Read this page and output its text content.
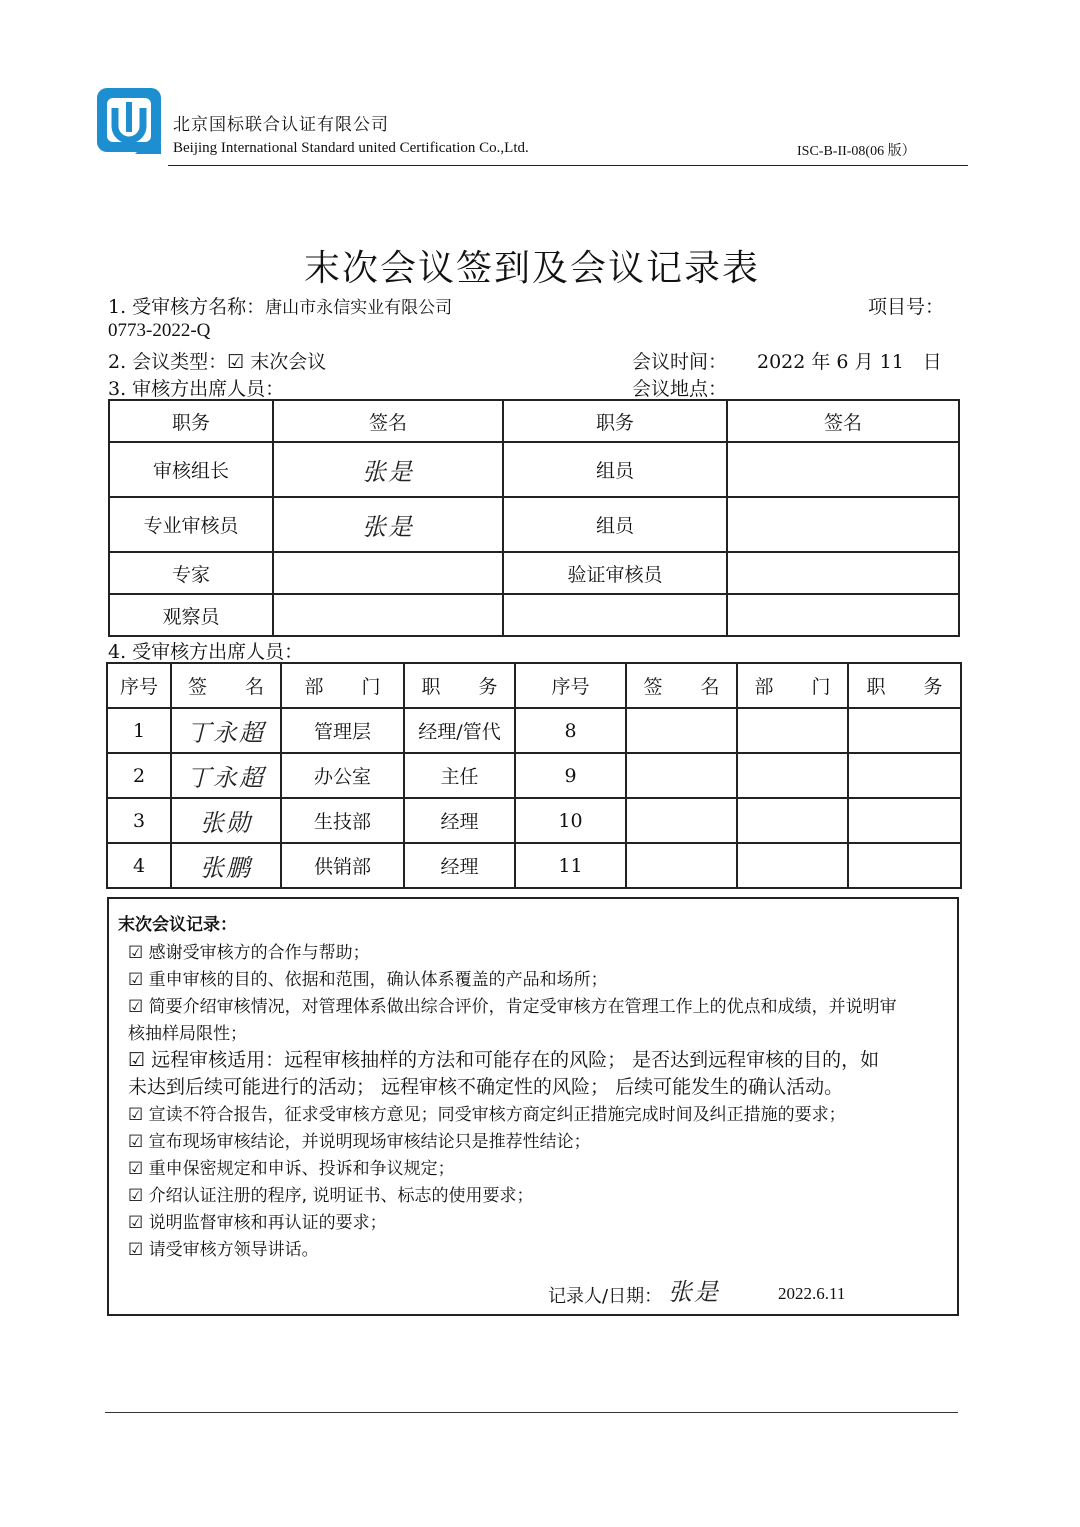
北京国标联合认证有限公司
Beijing International Standard united Certification Co.,Ltd.	ISC-B-II-08(06 版）
末次会议签到及会议记录表
1. 受审核方名称：唐山市永信实业有限公司	项目号：
0773-2022-Q
2. 会议类型：☑ 末次会议	会议时间： 2022 年 6 月 11　日
3. 审核方出席人员：	会议地点：
职务	签名	职务	签名
审核组长	张是	组员	
专业审核员	张是	组员	
专家		验证审核员	
观察员			
4. 受审核方出席人员：
序号	签　　名	部　　门	职　　务	序号	签　　名	部　　门	职　　务
1	丁永超	管理层	经理/管代	8			
2	丁永超	办公室	主任	9			
3	张勋	生技部	经理	10			
4	张鹏	供销部	经理	11			
末次会议记录：
☑ 感谢受审核方的合作与帮助；
☑ 重申审核的目的、依据和范围，确认体系覆盖的产品和场所；
☑ 简要介绍审核情况，对管理体系做出综合评价，肯定受审核方在管理工作上的优点和成绩，并说明审
核抽样局限性；
☑ 远程审核适用：远程审核抽样的方法和可能存在的风险； 是否达到远程审核的目的，如
未达到后续可能进行的活动； 远程审核不确定性的风险； 后续可能发生的确认活动。
☑ 宣读不符合报告，征求受审核方意见；同受审核方商定纠正措施完成时间及纠正措施的要求；
☑ 宣布现场审核结论，并说明现场审核结论只是推荐性结论；
☑ 重申保密规定和申诉、投诉和争议规定；
☑ 介绍认证注册的程序, 说明证书、标志的使用要求；
☑ 说明监督审核和再认证的要求；
☑ 请受审核方领导讲话。
记录人/日期： 张是	2022.6.11
